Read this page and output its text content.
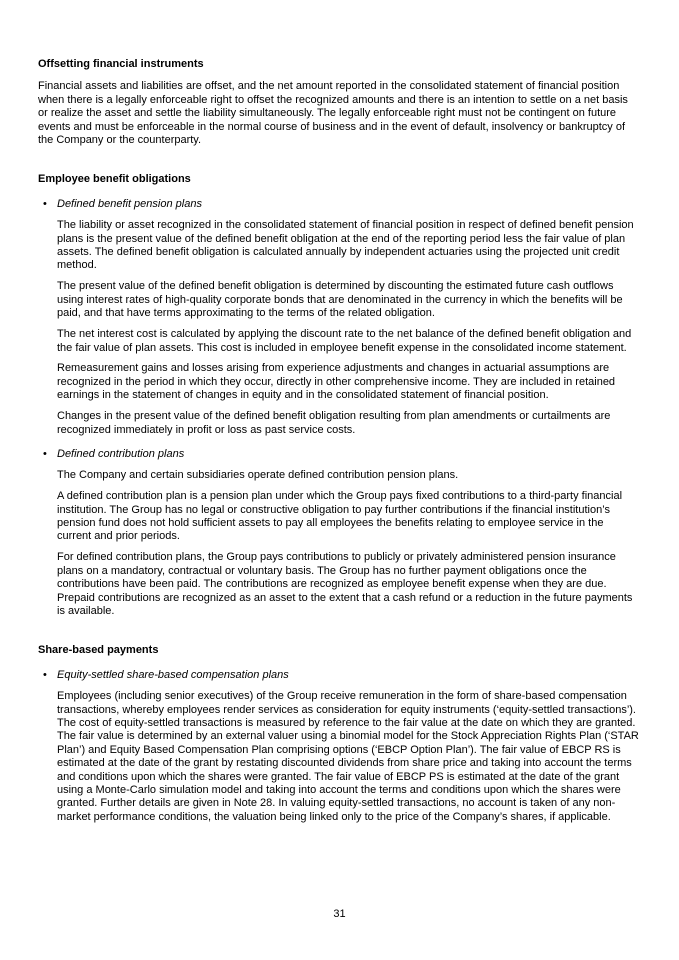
Offsetting financial instruments

Financial assets and liabilities are offset, and the net amount reported in the consolidated statement of financial position when there is a legally enforceable right to offset the recognized amounts and there is an intention to settle on a net basis or realize the asset and settle the liability simultaneously. The legally enforceable right must not be contingent on future events and must be enforceable in the normal course of business and in the event of default, insolvency or bankruptcy of the Company or the counterparty.

Employee benefit obligations
• Defined benefit pension plans

The liability or asset recognized in the consolidated statement of financial position in respect of defined benefit pension plans is the present value of the defined benefit obligation at the end of the reporting period less the fair value of plan assets. The defined benefit obligation is calculated annually by independent actuaries using the projected unit credit method.

The present value of the defined benefit obligation is determined by discounting the estimated future cash outflows using interest rates of high-quality corporate bonds that are denominated in the currency in which the benefits will be paid, and that have terms approximating to the terms of the related obligation.

The net interest cost is calculated by applying the discount rate to the net balance of the defined benefit obligation and the fair value of plan assets. This cost is included in employee benefit expense in the consolidated income statement.

Remeasurement gains and losses arising from experience adjustments and changes in actuarial assumptions are recognized in the period in which they occur, directly in other comprehensive income. They are included in retained earnings in the statement of changes in equity and in the consolidated statement of financial position.

Changes in the present value of the defined benefit obligation resulting from plan amendments or curtailments are recognized immediately in profit or loss as past service costs.

• Defined contribution plans

The Company and certain subsidiaries operate defined contribution pension plans.

A defined contribution plan is a pension plan under which the Group pays fixed contributions to a third-party financial institution. The Group has no legal or constructive obligation to pay further contributions if the financial institution’s pension fund does not hold sufficient assets to pay all employees the benefits relating to employee service in the current and prior periods.

For defined contribution plans, the Group pays contributions to publicly or privately administered pension insurance plans on a mandatory, contractual or voluntary basis. The Group has no further payment obligations once the contributions have been paid. The contributions are recognized as employee benefit expense when they are due. Prepaid contributions are recognized as an asset to the extent that a cash refund or a reduction in the future payments is available.

Share-based payments
• Equity-settled share-based compensation plans

Employees (including senior executives) of the Group receive remuneration in the form of share-based compensation transactions, whereby employees render services as consideration for equity instruments (‘equity-settled transactions’). The cost of equity-settled transactions is measured by reference to the fair value at the date on which they are granted. The fair value is determined by an external valuer using a binomial model for the Stock Appreciation Rights Plan (‘STAR Plan’) and Equity Based Compensation Plan comprising options (‘EBCP Option Plan’). The fair value of EBCP RS is estimated at the date of the grant by restating discounted dividends from share price and taking into account the terms and conditions upon which the shares were granted. The fair value of EBCP PS is estimated at the date of the grant using a Monte-Carlo simulation model and taking into account the terms and conditions upon which the shares were granted. Further details are given in Note 28. In valuing equity-settled transactions, no account is taken of any non-market performance conditions, the valuation being linked only to the price of the Company’s shares, if applicable.

31
